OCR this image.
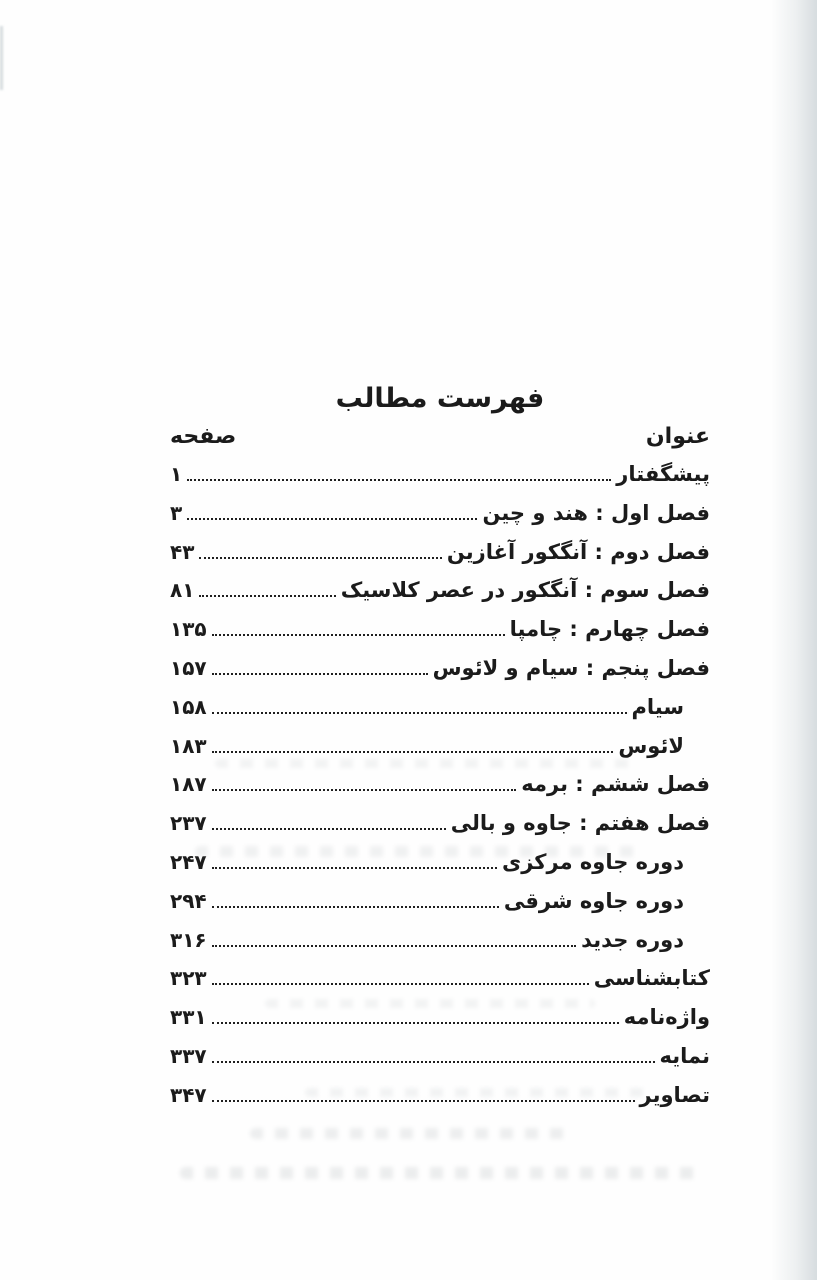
فهرست مطالب
عنوان
صفحه
پیشگفتار
۱
فصل اول : هند و چین
۳
فصل دوم : آنگکور آغازین
۴۳
فصل سوم : آنگکور در عصر کلاسیک
۸۱
فصل چهارم : چامپا
۱۳۵
فصل پنجم : سیام و لائوس
۱۵۷
سیام
۱۵۸
لائوس
۱۸۳
فصل ششم : برمه
۱۸۷
فصل هفتم : جاوه و بالی
۲۳۷
دوره جاوه مرکزی
۲۴۷
دوره جاوه شرقی
۲۹۴
دوره جدید
۳۱۶
کتابشناسی
۳۲۳
واژه‌نامه
۳۳۱
نمایه
۳۳۷
تصاویر
۳۴۷
